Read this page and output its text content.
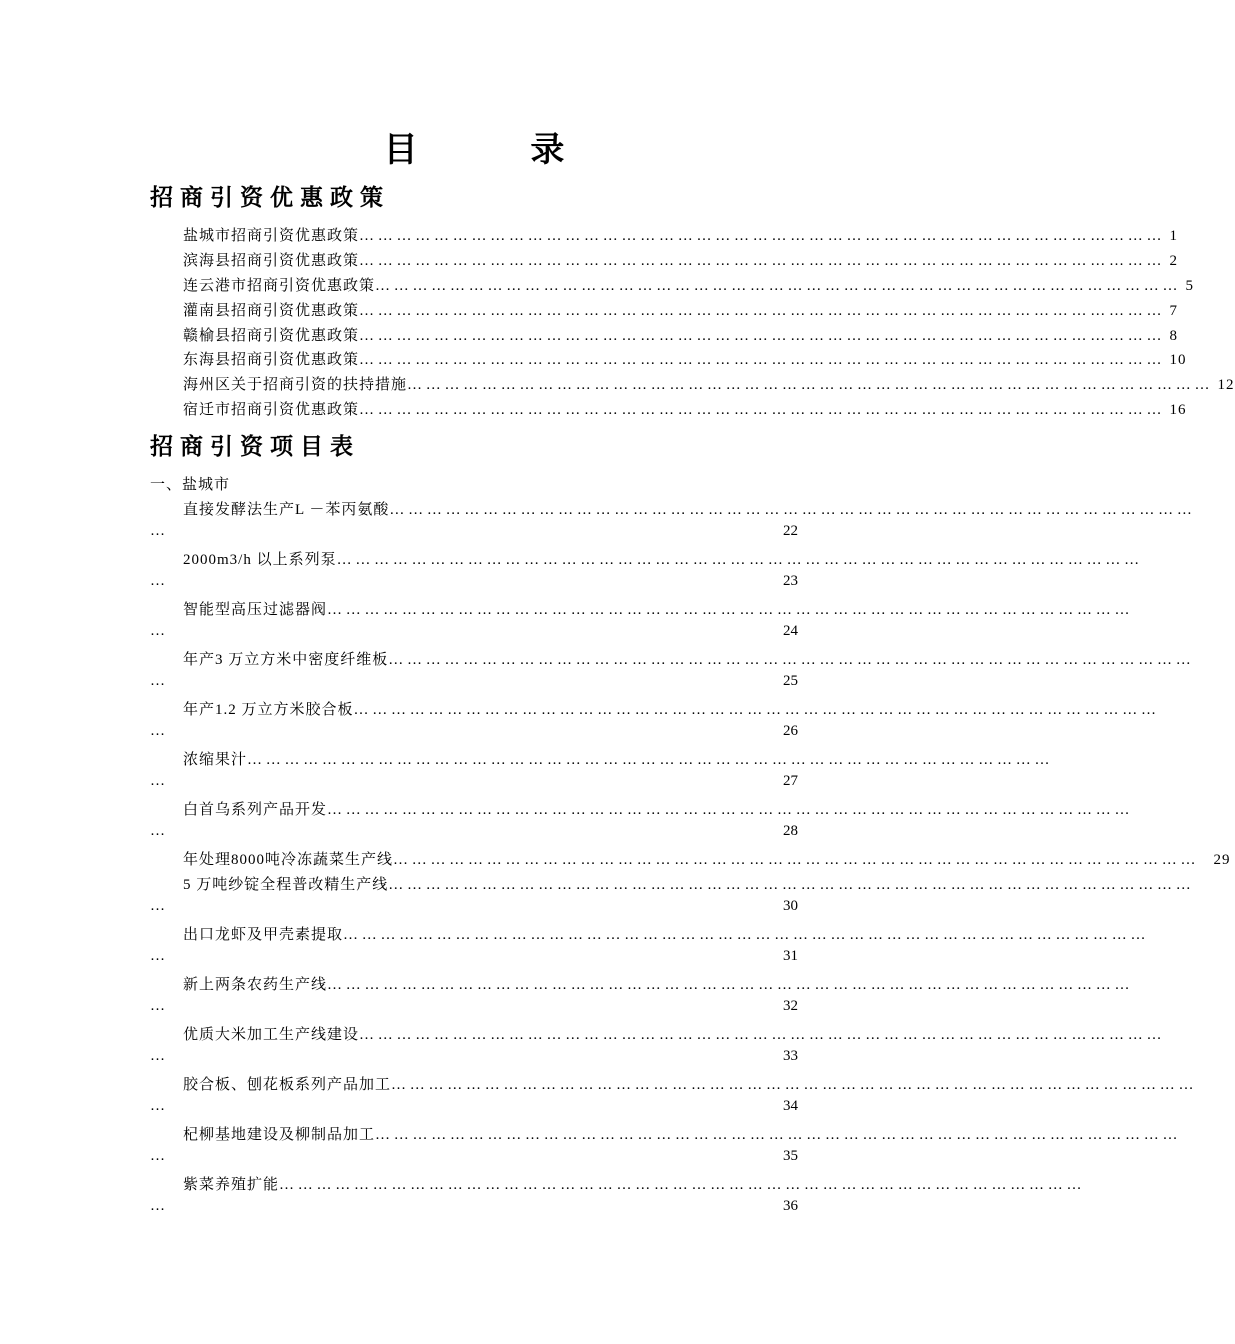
目        录
招商引资优惠政策
盐城市招商引资优惠政策 … … … … … … … … … … … … … … … … … … … … … … … … … … … … … … … … … … … … … … … … … … … 1
滨海县招商引资优惠政策 … … … … … … … … … … … … … … … … … … … … … … … … … … … … … … … … … … … … … … … … … … … 2
连云港市招商引资优惠政策 … … … … … … … … … … … … … … … … … … … … … … … … … … … … … … … … … … … … … … … … … … … 5
灌南县招商引资优惠政策 … … … … … … … … … … … … … … … … … … … … … … … … … … … … … … … … … … … … … … … … … … … 7
赣榆县招商引资优惠政策 … … … … … … … … … … … … … … … … … … … … … … … … … … … … … … … … … … … … … … … … … … … 8
东海县招商引资优惠政策 … … … … … … … … … … … … … … … … … … … … … … … … … … … … … … … … … … … … … … … … … … … 10
海州区关于招商引资的扶持措施 … … … … … … … … … … … … … … … … … … … … … … … … … … … … … … … … … … … … … … … … … … … 12
宿迁市招商引资优惠政策 … … … … … … … … … … … … … … … … … … … … … … … … … … … … … … … … … … … … … … … … … … … 16
招商引资项目表
一、盐城市
直接发酵法生产L －苯丙氨酸 … … … … … … … … … … … … … … … … … … … … … … … … … … … … … … … … … … … … … … … … … … …
…	22
2000m3/h 以上系列泵 … … … … … … … … … … … … … … … … … … … … … … … … … … … … … … … … … … … … … … … … … … …
…	23
智能型高压过滤器阀 … … … … … … … … … … … … … … … … … … … … … … … … … … … … … … … … … … … … … … … … … … …
…	24
年产3 万立方米中密度纤维板 … … … … … … … … … … … … … … … … … … … … … … … … … … … … … … … … … … … … … … … … … … …
…	25
年产1.2 万立方米胶合板 … … … … … … … … … … … … … … … … … … … … … … … … … … … … … … … … … … … … … … … … … … …
…	26
浓缩果汁 … … … … … … … … … … … … … … … … … … … … … … … … … … … … … … … … … … … … … … … … … … …
…	27
白首乌系列产品开发 … … … … … … … … … … … … … … … … … … … … … … … … … … … … … … … … … … … … … … … … … … …
…	28
年处理8000吨冷冻蔬菜生产线 … … … … … … … … … … … … … … … … … … … … … … … … … … … … … … … … … … … … … … … … … … … 29
5 万吨纱锭全程普改精生产线 … … … … … … … … … … … … … … … … … … … … … … … … … … … … … … … … … … … … … … … … … … …
…	30
出口龙虾及甲壳素提取 … … … … … … … … … … … … … … … … … … … … … … … … … … … … … … … … … … … … … … … … … … …
…	31
新上两条农药生产线 … … … … … … … … … … … … … … … … … … … … … … … … … … … … … … … … … … … … … … … … … … …
…	32
优质大米加工生产线建设 … … … … … … … … … … … … … … … … … … … … … … … … … … … … … … … … … … … … … … … … … … …
…	33
胶合板、刨花板系列产品加工 … … … … … … … … … … … … … … … … … … … … … … … … … … … … … … … … … … … … … … … … … … …
…	34
杞柳基地建设及柳制品加工 … … … … … … … … … … … … … … … … … … … … … … … … … … … … … … … … … … … … … … … … … … …
…	35
紫菜养殖扩能 … … … … … … … … … … … … … … … … … … … … … … … … … … … … … … … … … … … … … … … … … … …
…	36
